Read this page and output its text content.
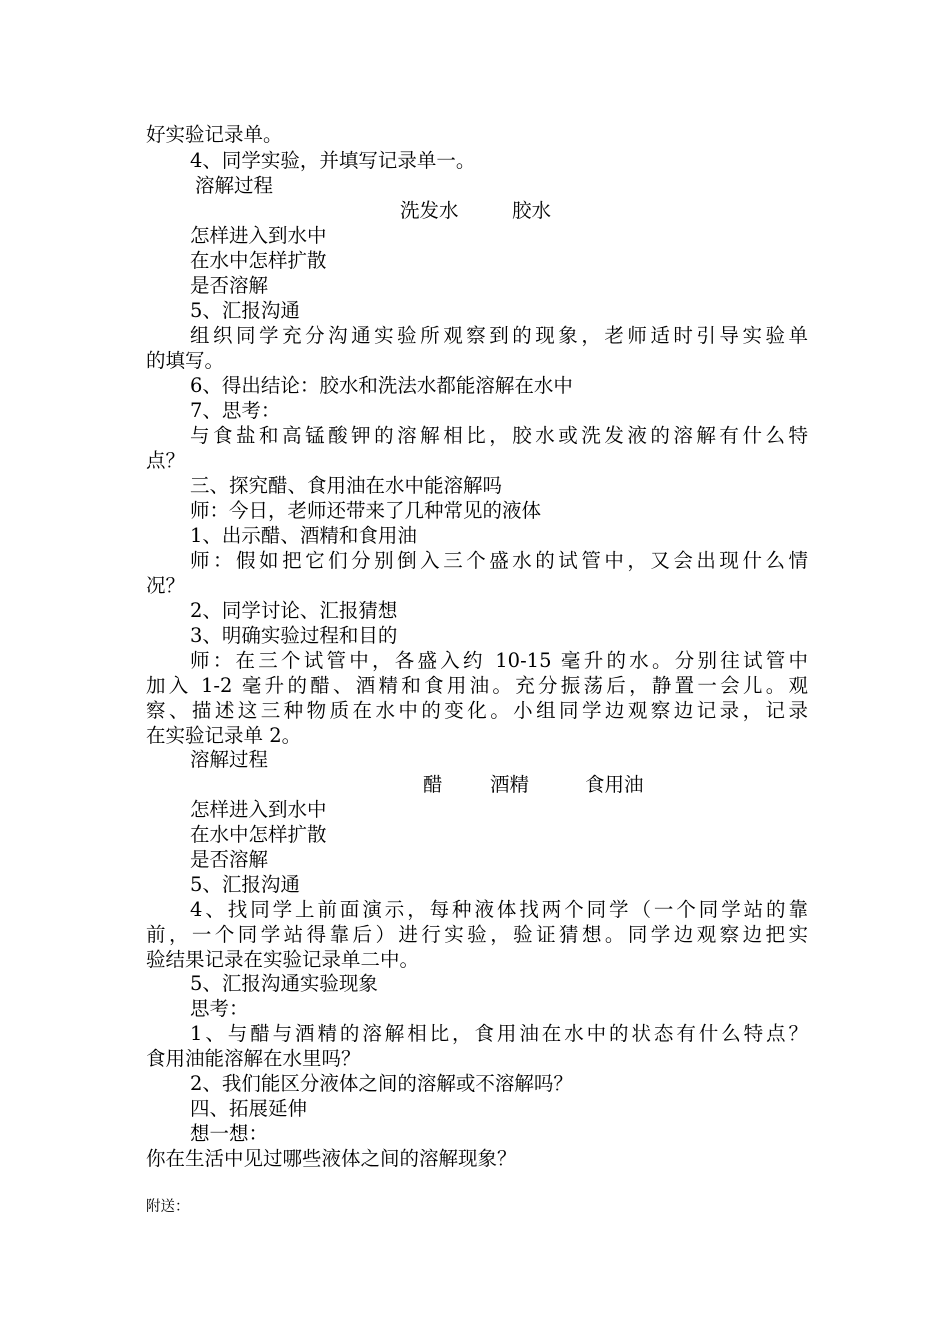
好实验记录单。
4、同学实验，并填写记录单一。
溶解过程
洗发水	胶水
怎样进入到水中
在水中怎样扩散
是否溶解
5、汇报沟通
组织同学充分沟通实验所观察到的现象，老师适时引导实验单
的填写。
6、得出结论：胶水和洗法水都能溶解在水中
7、思考：
与食盐和高锰酸钾的溶解相比，胶水或洗发液的溶解有什么特
点？
三、探究醋、食用油在水中能溶解吗
师：今日，老师还带来了几种常见的液体
1、出示醋、酒精和食用油
师：假如把它们分别倒入三个盛水的试管中，又会出现什么情
况？
2、同学讨论、汇报猜想
3、明确实验过程和目的
师：在三个试管中，各盛入约 10-15 毫升的水。分别往试管中
加入 1-2 毫升的醋、酒精和食用油。充分振荡后，静置一会儿。观
察、描述这三种物质在水中的变化。小组同学边观察边记录，记录
在实验记录单 2。
溶解过程
醋 酒精	食用油
怎样进入到水中
在水中怎样扩散
是否溶解
5、汇报沟通
4、找同学上前面演示，每种液体找两个同学（一个同学站的靠
前，一个同学站得靠后）进行实验，验证猜想。同学边观察边把实
验结果记录在实验记录单二中。
5、汇报沟通实验现象
思考：
1、与醋与酒精的溶解相比，食用油在水中的状态有什么特点？
食用油能溶解在水里吗？
2、我们能区分液体之间的溶解或不溶解吗？
四、拓展延伸
想一想：
你在生活中见过哪些液体之间的溶解现象？
附送：
